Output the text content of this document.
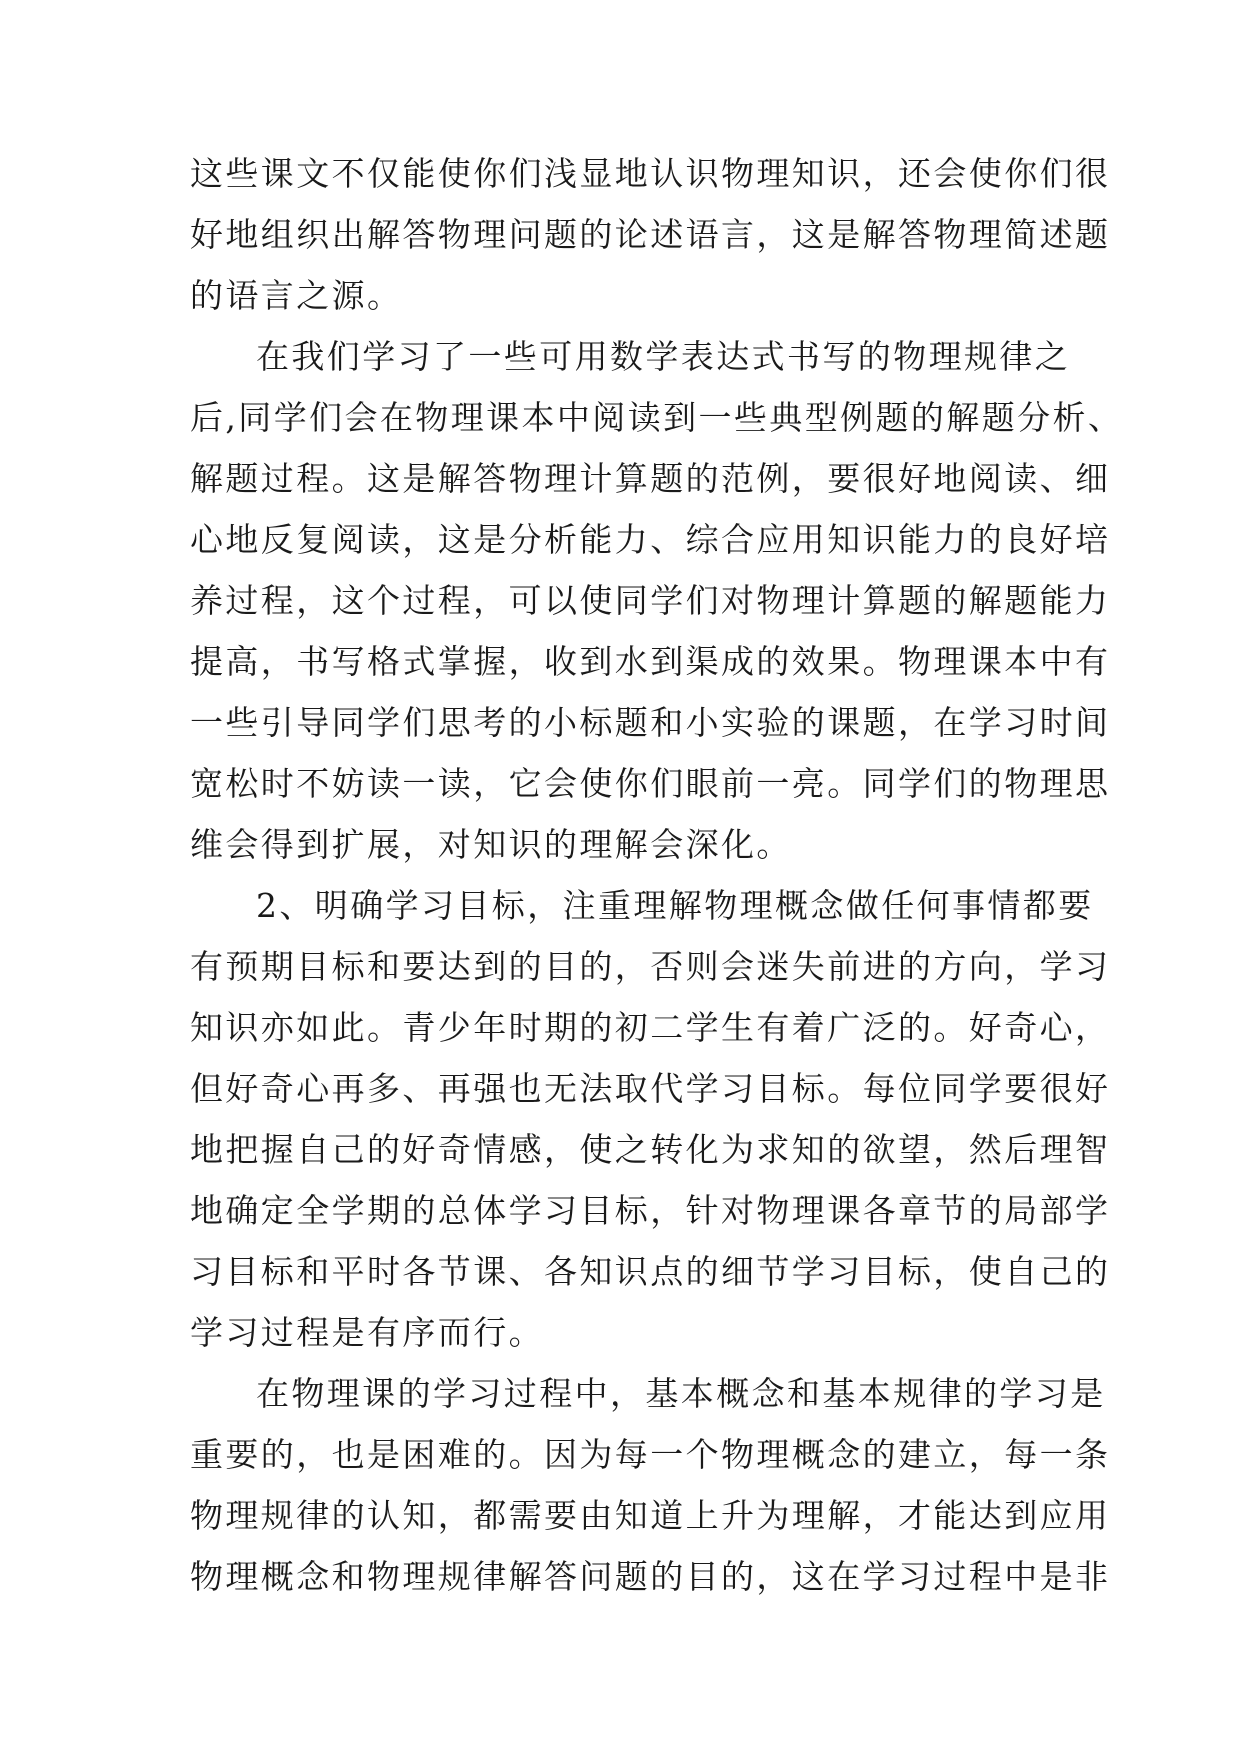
这些课文不仅能使你们浅显地认识物理知识，还会使你们很
好地组织出解答物理问题的论述语言，这是解答物理简述题
的语言之源。
在我们学习了一些可用数学表达式书写的物理规律之
后,同学们会在物理课本中阅读到一些典型例题的解题分析、
解题过程。这是解答物理计算题的范例，要很好地阅读、细
心地反复阅读，这是分析能力、综合应用知识能力的良好培
养过程，这个过程，可以使同学们对物理计算题的解题能力
提高，书写格式掌握，收到水到渠成的效果。物理课本中有
一些引导同学们思考的小标题和小实验的课题，在学习时间
宽松时不妨读一读，它会使你们眼前一亮。同学们的物理思
维会得到扩展，对知识的理解会深化。
2、明确学习目标，注重理解物理概念做任何事情都要
有预期目标和要达到的目的，否则会迷失前进的方向，学习
知识亦如此。青少年时期的初二学生有着广泛的。好奇心，
但好奇心再多、再强也无法取代学习目标。每位同学要很好
地把握自己的好奇情感，使之转化为求知的欲望，然后理智
地确定全学期的总体学习目标，针对物理课各章节的局部学
习目标和平时各节课、各知识点的细节学习目标，使自己的
学习过程是有序而行。
在物理课的学习过程中，基本概念和基本规律的学习是
重要的，也是困难的。因为每一个物理概念的建立，每一条
物理规律的认知，都需要由知道上升为理解，才能达到应用
物理概念和物理规律解答问题的目的，这在学习过程中是非
